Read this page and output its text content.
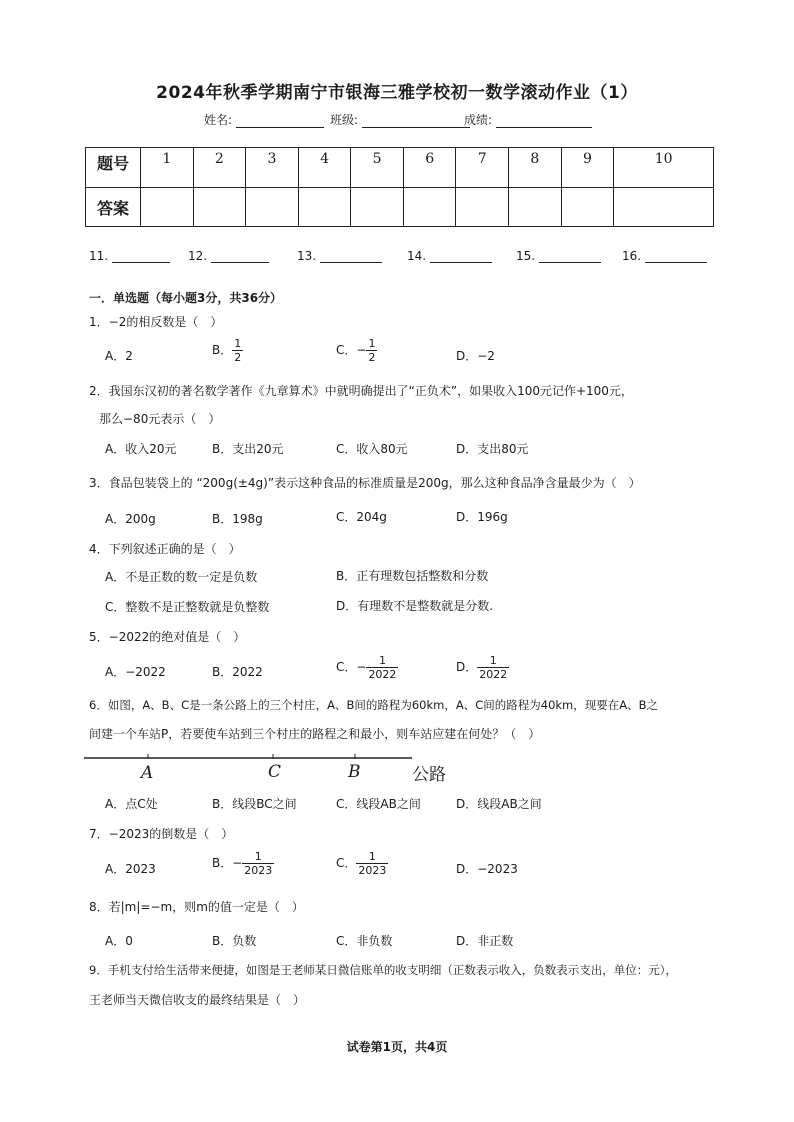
2024年秋季学期南宁市银海三雅学校初一数学滚动作业（1）
姓名:	班级:	成绩:
题号	1	2	3	4	5	6	7	8	9	10
答案										
11.	12.	13.	14.	15.	16.
一．单选题（每小题3分，共36分）
1．−2的相反数是（　）
A．2	B． $\frac{1}{2}$	C．− $\frac{1}{2}$	D．−2
2．我国东汉初的著名数学著作《九章算术》中就明确提出了“正负术”，如果收入100元记作+100元，
那么−80元表示（　）
A．收入20元	B．支出20元	C．收入80元	D．支出80元
3．食品包装袋上的 “200g(±4g)”表示这种食品的标准质量是200g，那么这种食品净含量最少为（　）
A．200g	B．198g	C．204g	D．196g
4．下列叙述正确的是（　）
A．不是正数的数一定是负数	B．正有理数包括整数和分数
C．整数不是正整数就是负整数	D．有理数不是整数就是分数.
5．−2022的绝对值是（　）
A．−2022	B．2022	C．− $\frac{1}{2022}$	D． $\frac{1}{2022}$
6．如图，A、B、C是一条公路上的三个村庄，A、B间的路程为60km，A、C间的路程为40km，现要在A、B之
间建一个车站P，若要使车站到三个村庄的路程之和最小，则车站应建在何处？（　）
A	C	B	公路
A．点C处	B．线段BC之间	C．线段AB之间	D．线段AB之间
7．−2023的倒数是（　）
A．2023	B．− $\frac{1}{2023}$	C． $\frac{1}{2023}$	D．−2023
8．若|m|=−m，则m的值一定是（　）
A．0	B．负数	C．非负数	D．非正数
9．手机支付给生活带来便捷，如图是王老师某日微信账单的收支明细（正数表示收入，负数表示支出，单位：元），
王老师当天微信收支的最终结果是（　）
试卷第1页，共4页
